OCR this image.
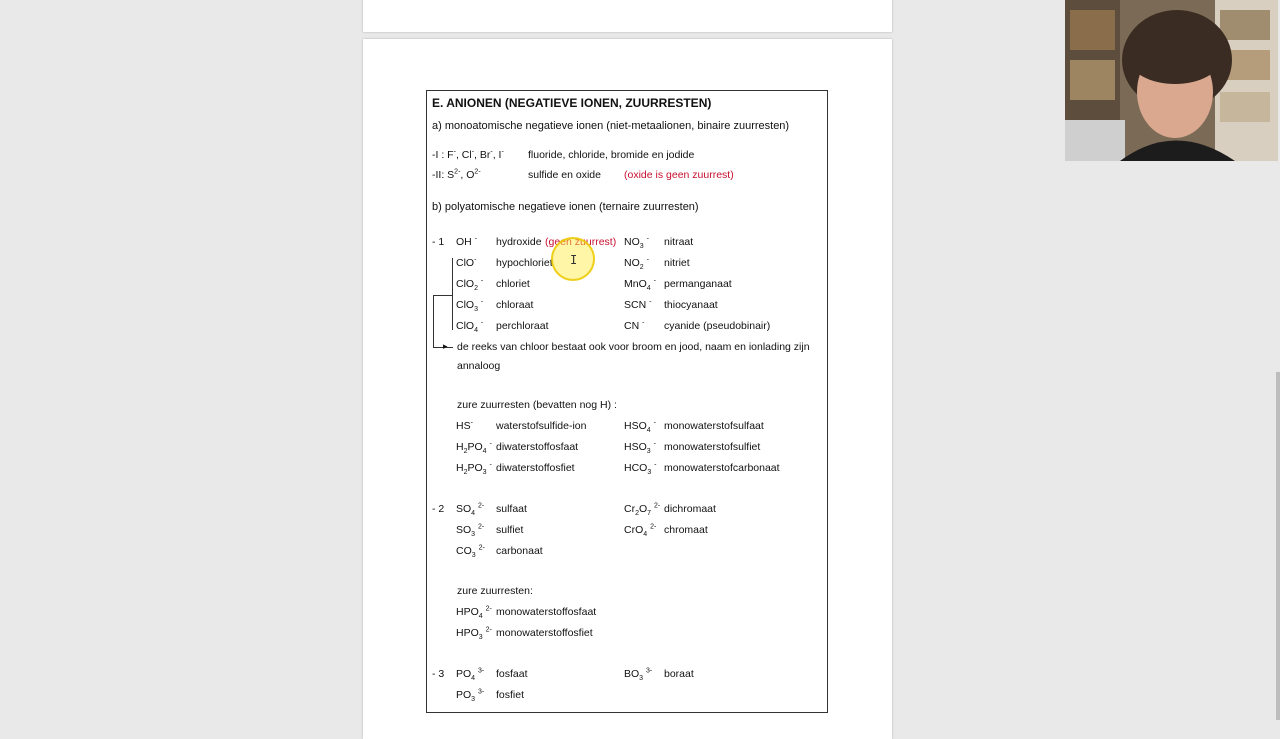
E. ANIONEN (NEGATIEVE IONEN, ZUURRESTEN)
a) monoatomische negatieve ionen (niet-metaalionen, binaire zuurresten)
-I : F-, Cl-, Br-, I- fluoride, chloride, bromide en jodide
-II: $S^{2-}$, $O^{2-}$	sulfide en oxide (oxide is geen zuurrest)
b) polyatomische negatieve ionen (ternaire zuurresten)
- 1 OH - hydroxide (geen zuurrest) $NO_3$ - nitraat
ClO- hypochloriet	$NO_2$ - nitriet
ClO$_2$ - chloriet	MnO$_4$ - permanganaat
ClO$_3$ - chloraat	SCN - thiocyanaat
ClO$_4$ - perchloraat	CN - cyanide (pseudobinair)
▸ de reeks van chloor bestaat ook voor broom en jood, naam en ionlading zijn
annaloog
zure zuurresten (bevatten nog H) :
HS- waterstofsulfide-ion	$HSO_4$ - monowaterstofsulfaat
$H_2PO_4$ - diwaterstoffosfaat	$HSO_3$ - monowaterstofsulfiet
$H_2PO_3$ - diwaterstoffosfiet	$HCO_3$ - monowaterstofcarbonaat
- 2 $SO_4$ $^{2-}$ sulfaat	$Cr_2O_7$ $^{2-}$ dichromaat
$SO_3$ $^{2-}$ sulfiet	CrO$_4$ $^{2-}$ chromaat
$CO_3$ $^{2-}$ carbonaat
zure zuurresten:
$HPO_4$ $^{2-}$ monowaterstoffosfaat
$HPO_3$ $^{2-}$ monowaterstoffosfiet
- 3 $PO_4$ $^{3-}$ fosfaat	$BO_3$ $^{3-}$ boraat
$PO_3$ $^{3-}$ fosfiet
I
